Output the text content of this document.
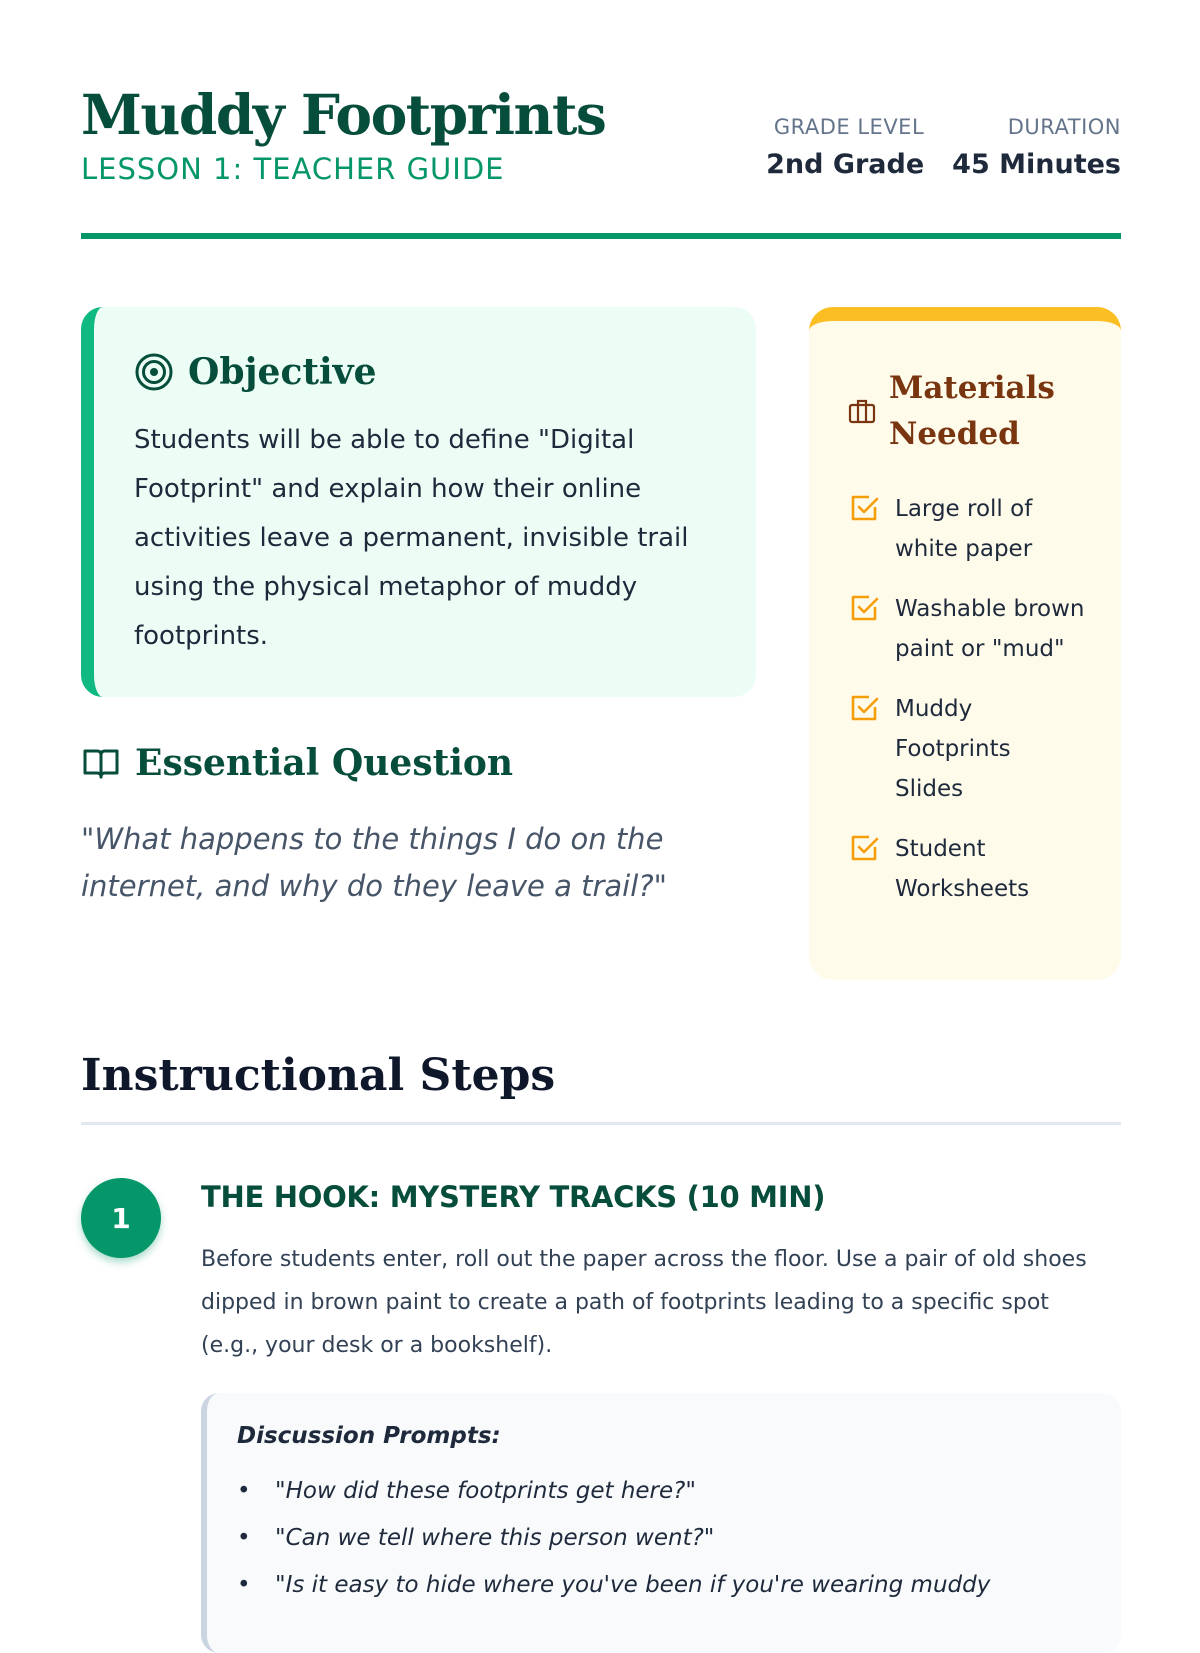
Muddy Footprints
LESSON 1: TEACHER GUIDE
GRADE LEVEL
2nd Grade
DURATION
45 Minutes
Objective

Students will be able to define "Digital Footprint" and explain how their online activities leave a permanent, invisible trail using the physical metaphor of muddy footprints.

Essential Question

"What happens to the things I do on the internet, and why do they leave a trail?"

Materials Needed
Large roll of white paper
Washable brown paint or "mud"
Muddy Footprints Slides
Student Worksheets
Instructional Steps
1
THE HOOK: MYSTERY TRACKS (10 MIN)

Before students enter, roll out the paper across the floor. Use a pair of old shoes dipped in brown paint to create a path of footprints leading to a specific spot (e.g., your desk or a bookshelf).

Discussion Prompts:
• "How did these footprints get here?"
• "Can we tell where this person went?"
• "Is it easy to hide where you've been if you're wearing muddy
